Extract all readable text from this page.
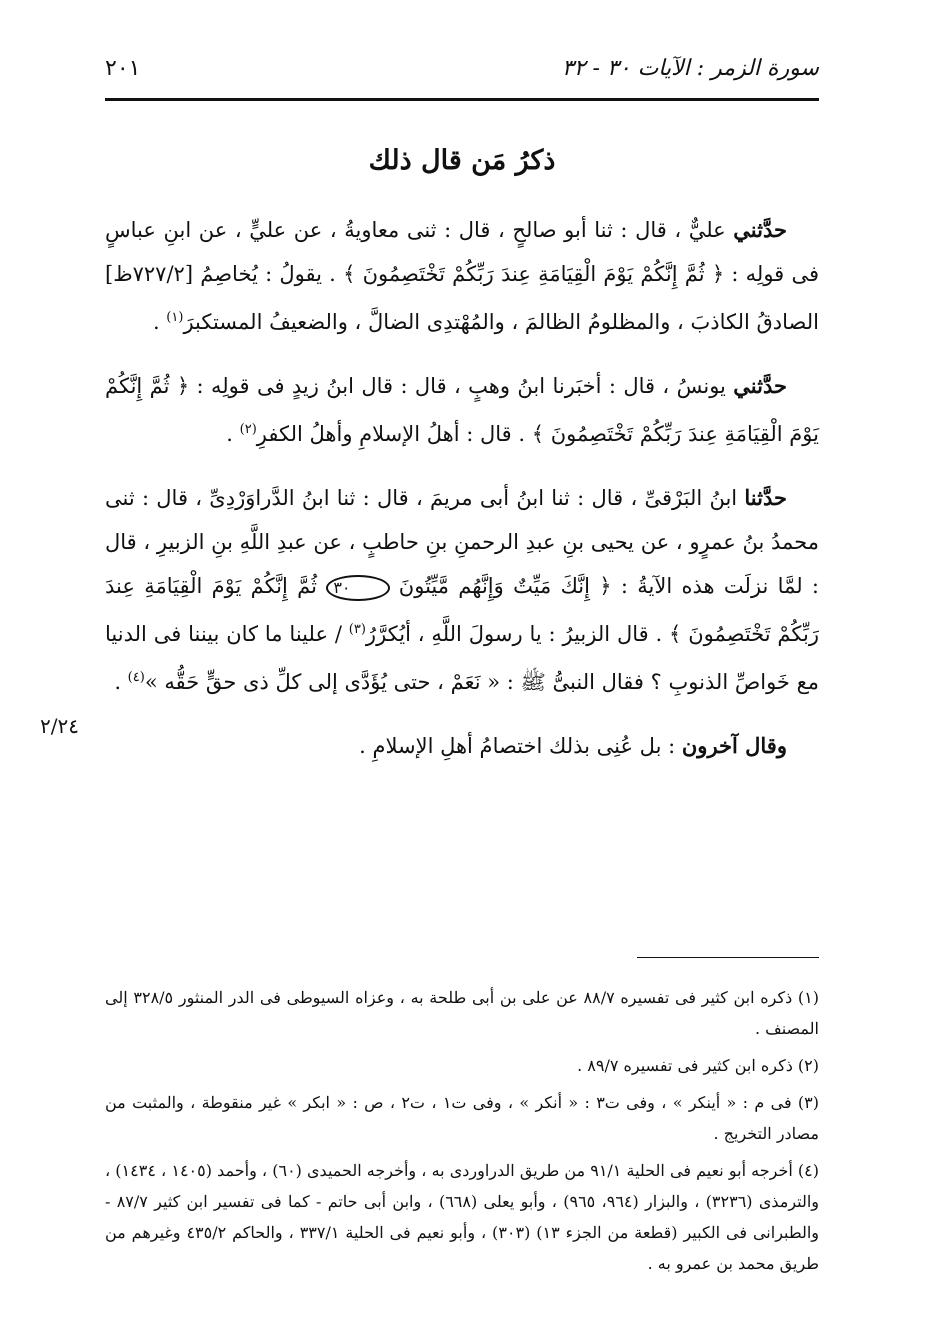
سورة الزمر : الآيات ٣٠ - ٣٢
٢٠١
ذكرُ مَن قال ذلك

حدَّثني عليٌّ ، قال : ثنا أبو صالحٍ ، قال : ثنى معاويةُ ، عن عليٍّ ، عن ابنِ عباسٍ فى قولِه : ﴿ ثُمَّ إِنَّكُمْ يَوْمَ الْقِيَامَةِ عِندَ رَبِّكُمْ تَخْتَصِمُونَ ﴾ . يقولُ : يُخاصِمُ [٧٢٧/٢ظ] الصادقُ الكاذبَ ، والمظلومُ الظالمَ ، والمُهْتدِى الضالَّ ، والضعيفُ المستكبرَ$^{(١)}$ .

حدَّثني يونسُ ، قال : أخبَرنا ابنُ وهبٍ ، قال : قال ابنُ زيدٍ فى قولِه : ﴿ ثُمَّ إِنَّكُمْ يَوْمَ الْقِيَامَةِ عِندَ رَبِّكُمْ تَخْتَصِمُونَ ﴾ . قال : أهلُ الإسلامِ وأهلُ الكفرِ$^{(٢)}$ .

حدَّثنا ابنُ البَرْقىِّ ، قال : ثنا ابنُ أبى مريمَ ، قال : ثنا ابنُ الدَّراوَرْدِىِّ ، قال : ثنى محمدُ بنُ عمرٍو ، عن يحيى بنِ عبدِ الرحمنِ بنِ حاطبٍ ، عن عبدِ اللَّهِ بنِ الزبيرِ ، قال : لمَّا نزلَت هذه الآيةُ : ﴿ إِنَّكَ مَيِّتٌ وَإِنَّهُم مَّيِّتُونَ ٣٠ ثُمَّ إِنَّكُمْ يَوْمَ الْقِيَامَةِ عِندَ رَبِّكُمْ تَخْتَصِمُونَ ﴾ . قال الزبيرُ : يا رسولَ اللَّهِ ، أيُكرَّرُ$^{(٣)}$ / علينا ما كان بيننا فى الدنيا مع خَواصِّ الذنوبِ ؟ فقال النبىُّ ﷺ : « نَعَمْ ، حتى يُؤَدَّى إلى كلِّ ذى حقٍّ حَقُّه »$^{(٤)}$ .

وقال آخرون : بل عُنِى بذلك اختصامُ أهلِ الإسلامِ .

٢/٢٤

(١) ذكره ابن كثير فى تفسيره ٨٨/٧ عن على بن أبى طلحة به ، وعزاه السيوطى فى الدر المنثور ٣٢٨/٥ إلى المصنف .

(٢) ذكره ابن كثير فى تفسيره ٨٩/٧ .

(٣) فى م : « أينكر » ، وفى ت٣ : « أنكر » ، وفى ت١ ، ت٢ ، ص : « ابكر » غير منقوطة ، والمثبت من مصادر التخريج .

(٤) أخرجه أبو نعيم فى الحلية ٩١/١ من طريق الدراوردى به ، وأخرجه الحميدى (٦٠) ، وأحمد (١٤٠٥ ، ١٤٣٤) ، والترمذى (٣٢٣٦) ، والبزار (٩٦٤، ٩٦٥) ، وأبو يعلى (٦٦٨) ، وابن أبى حاتم - كما فى تفسير ابن كثير ٨٧/٧ - والطبرانى فى الكبير (قطعة من الجزء ١٣) (٣٠٣) ، وأبو نعيم فى الحلية ٣٣٧/١ ، والحاكم ٤٣٥/٢ وغيرهم من طريق محمد بن عمرو به .
